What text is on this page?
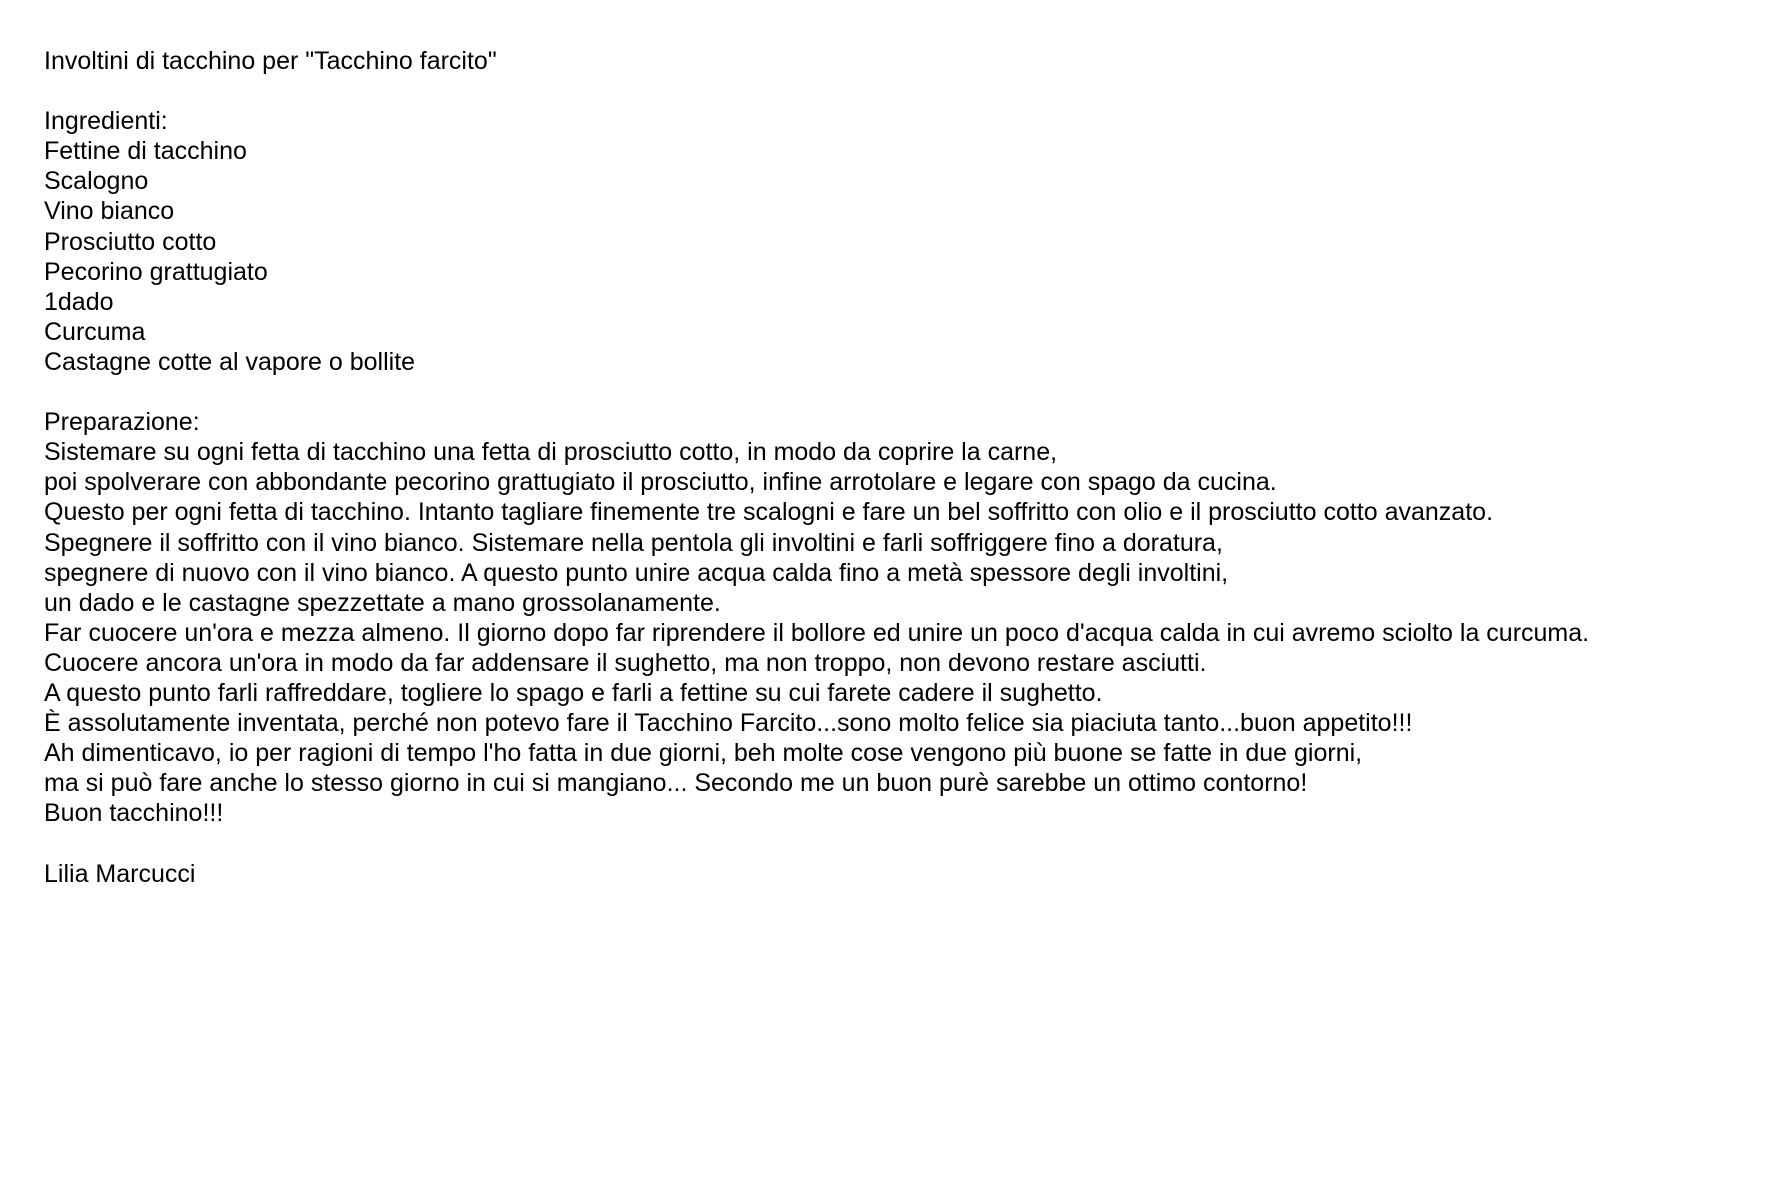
Involtini di tacchino per "Tacchino farcito"
Ingredienti:
Fettine di tacchino
Scalogno
Vino bianco
Prosciutto cotto
Pecorino grattugiato
1dado
Curcuma
Castagne cotte al vapore o bollite
Preparazione:
Sistemare su ogni fetta di tacchino una fetta di prosciutto cotto, in modo da coprire la carne,
poi spolverare con abbondante pecorino grattugiato il prosciutto, infine arrotolare e legare con spago da cucina.
Questo per ogni fetta di tacchino. Intanto tagliare finemente tre scalogni e fare un bel soffritto con olio e il prosciutto cotto avanzato.
Spegnere il soffritto con il vino bianco. Sistemare nella pentola gli involtini e farli soffriggere fino a doratura,
spegnere di nuovo con il vino bianco. A questo punto unire acqua calda fino a metà spessore degli involtini,
un dado e le castagne spezzettate a mano grossolanamente.
Far cuocere un'ora e mezza almeno. Il giorno dopo far riprendere il bollore ed unire un poco d'acqua calda in cui avremo sciolto la curcuma.
Cuocere ancora un'ora in modo da far addensare il sughetto, ma non troppo, non devono restare asciutti.
A questo punto farli raffreddare, togliere lo spago e farli a fettine su cui farete cadere il sughetto.
È assolutamente inventata, perché non potevo fare il Tacchino Farcito...sono molto felice sia piaciuta tanto...buon appetito!!!
Ah dimenticavo, io per ragioni di tempo l'ho fatta in due giorni, beh molte cose vengono più buone se fatte in due giorni,
ma si può fare anche lo stesso giorno in cui si mangiano... Secondo me un buon purè sarebbe un ottimo contorno!
Buon tacchino!!!
Lilia Marcucci
